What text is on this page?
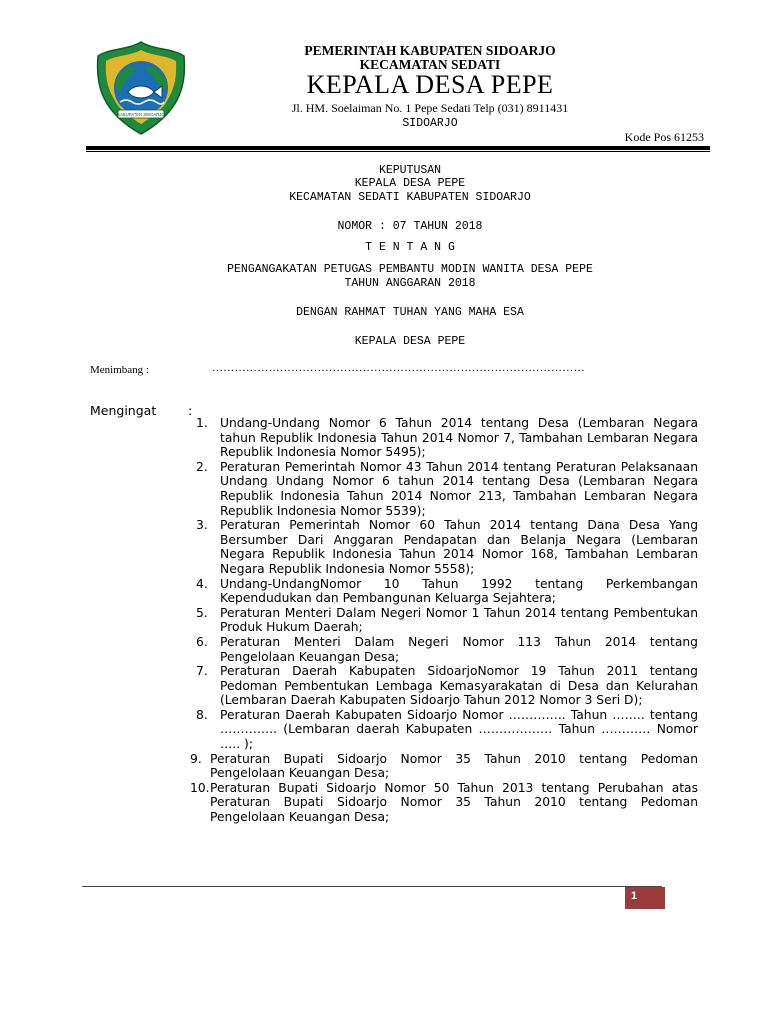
KABUPATEN SIDOARJO
PEMERINTAH KABUPATEN SIDOARJO
KECAMATAN SEDATI
KEPALA DESA PEPE
Jl. HM. Soelaiman No. 1 Pepe Sedati Telp (031) 8911431
SIDOARJO
Kode Pos 61253
KEPUTUSAN
KEPALA DESA PEPE
KECAMATAN SEDATI KABUPATEN SIDOARJO
NOMOR : 07 TAHUN 2018
T E N T A N G
PENGANGAKATAN PETUGAS PEMBANTU MODIN WANITA DESA PEPE
TAHUN ANGGARAN 2018
DENGAN RAHMAT TUHAN YANG MAHA ESA
KEPALA DESA PEPE
Menimbang :	………………………………………………………………………………………
Mengingat	:
1. Undang-Undang Nomor 6 Tahun 2014 tentang Desa (Lembaran Negara tahun Republik Indonesia Tahun 2014 Nomor 7, Tambahan Lembaran Negara Republik Indonesia Nomor 5495);
2. Peraturan Pemerintah Nomor 43 Tahun 2014 tentang Peraturan Pelaksanaan Undang Undang Nomor 6 tahun 2014 tentang Desa (Lembaran Negara Republik Indonesia Tahun 2014 Nomor 213, Tambahan Lembaran Negara Republik Indonesia Nomor 5539);
3. Peraturan Pemerintah Nomor 60 Tahun 2014 tentang Dana Desa Yang Bersumber Dari Anggaran Pendapatan dan Belanja Negara (Lembaran Negara Republik Indonesia Tahun 2014 Nomor 168, Tambahan Lembaran Negara Republik Indonesia Nomor 5558);
4. Undang-UndangNomor 10 Tahun 1992 tentang Perkembangan Kependudukan dan Pembangunan Keluarga Sejahtera;
5. Peraturan Menteri Dalam Negeri Nomor 1 Tahun 2014 tentang Pembentukan Produk Hukum Daerah;
6. Peraturan Menteri Dalam Negeri Nomor 113 Tahun 2014 tentang Pengelolaan Keuangan Desa;
7. Peraturan Daerah Kabupaten SidoarjoNomor 19 Tahun 2011 tentang Pedoman Pembentukan Lembaga Kemasyarakatan di Desa dan Kelurahan (Lembaran Daerah Kabupaten Sidoarjo Tahun 2012 Nomor 3 Seri D);
8. Peraturan Daerah Kabupaten Sidoarjo Nomor ………….. Tahun …….. tentang ………….. (Lembaran daerah Kabupaten ……………… Tahun ………… Nomor ….. );
9. Peraturan Bupati Sidoarjo Nomor 35 Tahun 2010 tentang Pedoman Pengelolaan Keuangan Desa;
10. Peraturan Bupati Sidoarjo Nomor 50 Tahun 2013 tentang Perubahan atas Peraturan Bupati Sidoarjo Nomor 35 Tahun 2010 tentang Pedoman Pengelolaan Keuangan Desa;
1
